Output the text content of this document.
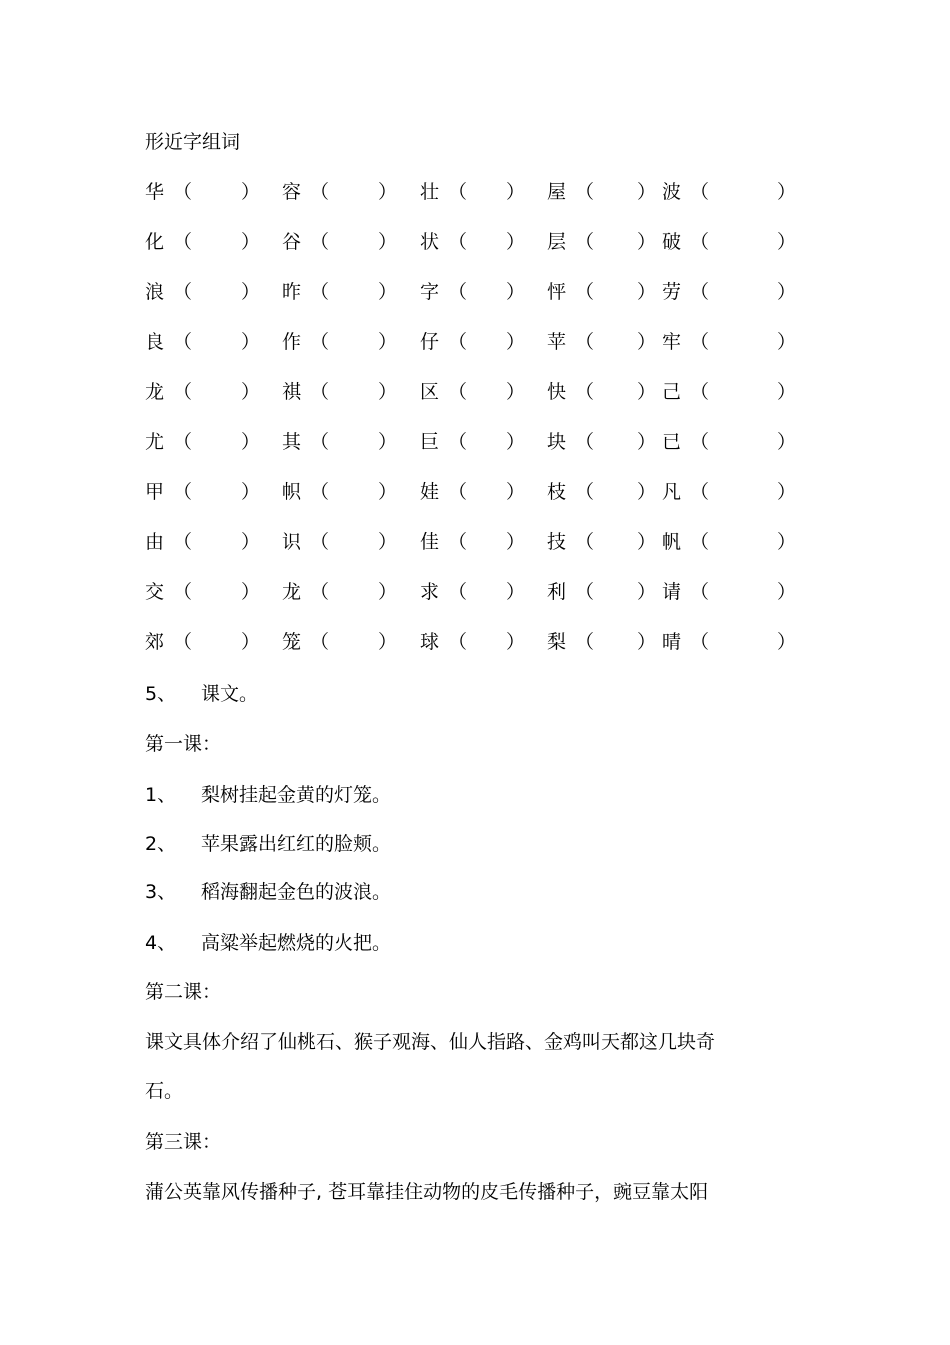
形近字组词
华 （	） 容 （	） 壮 （ ） 屋 （ ） 波 （	）
化 （	） 谷 （	） 状 （ ） 层 （ ） 破 （	）
浪 （	） 昨 （	） 字 （ ） 怦 （ ） 劳 （	）
良 （	） 作 （	） 仔 （ ） 苹 （ ） 牢 （	）
龙 （	） 祺 （	） 区 （ ） 快 （ ） 己 （	）
尤 （	） 其 （	） 巨 （ ） 块 （ ） 已 （	）
甲 （	） 帜 （	） 娃 （ ） 枝 （ ） 凡 （	）
由 （	） 识 （	） 佳 （ ） 技 （ ） 帆 （	）
交 （	） 龙 （	） 求 （ ） 利 （ ） 请 （	）
郊 （	） 笼 （	） 球 （ ） 梨 （ ） 晴 （	）
5、 课文。
第一课：
1、 梨树挂起金黄的灯笼。
2、 苹果露出红红的脸颊。
3、 稻海翻起金色的波浪。
4、 高粱举起燃烧的火把。
第二课：
课文具体介绍了仙桃石、猴子观海、仙人指路、金鸡叫天都这几块奇
石。
第三课：
蒲公英靠风传播种子, 苍耳靠挂住动物的皮毛传播种子，豌豆靠太阳
